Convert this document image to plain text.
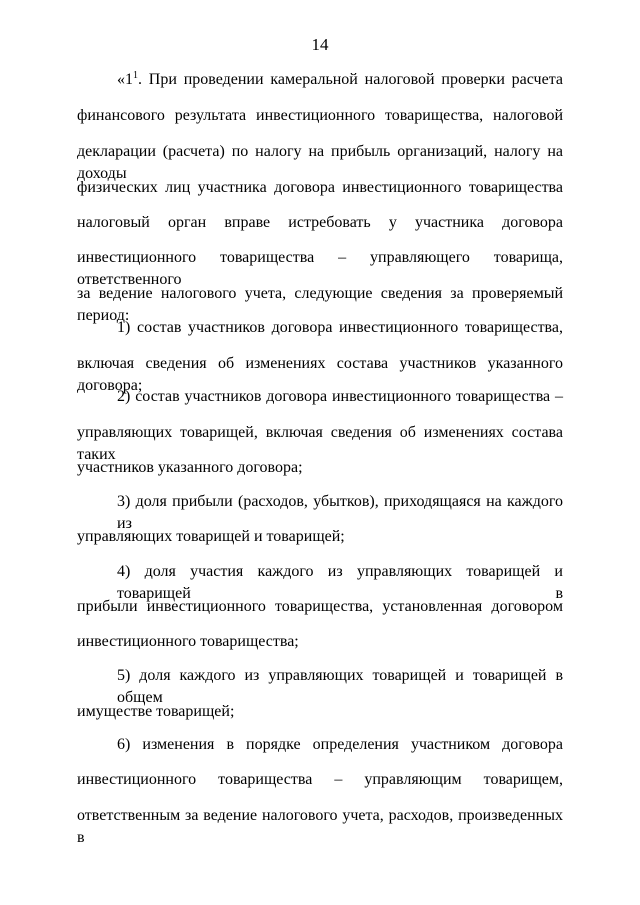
14
«$1^1$. При проведении камеральной налоговой проверки расчета
финансового результата инвестиционного товарищества, налоговой
декларации (расчета) по налогу на прибыль организаций, налогу на доходы
физических лиц участника договора инвестиционного товарищества
налоговый орган вправе истребовать у участника договора
инвестиционного товарищества – управляющего товарища, ответственного
за ведение налогового учета, следующие сведения за проверяемый период:
1) состав участников договора инвестиционного товарищества,
включая сведения об изменениях состава участников указанного договора;
2) состав участников договора инвестиционного товарищества –
управляющих товарищей, включая сведения об изменениях состава таких
участников указанного договора;
3) доля прибыли (расходов, убытков), приходящаяся на каждого из
управляющих товарищей и товарищей;
4) доля участия каждого из управляющих товарищей и товарищей в
прибыли инвестиционного товарищества, установленная договором
инвестиционного товарищества;
5) доля каждого из управляющих товарищей и товарищей в общем
имуществе товарищей;
6) изменения в порядке определения участником договора
инвестиционного товарищества – управляющим товарищем,
ответственным за ведение налогового учета, расходов, произведенных в
